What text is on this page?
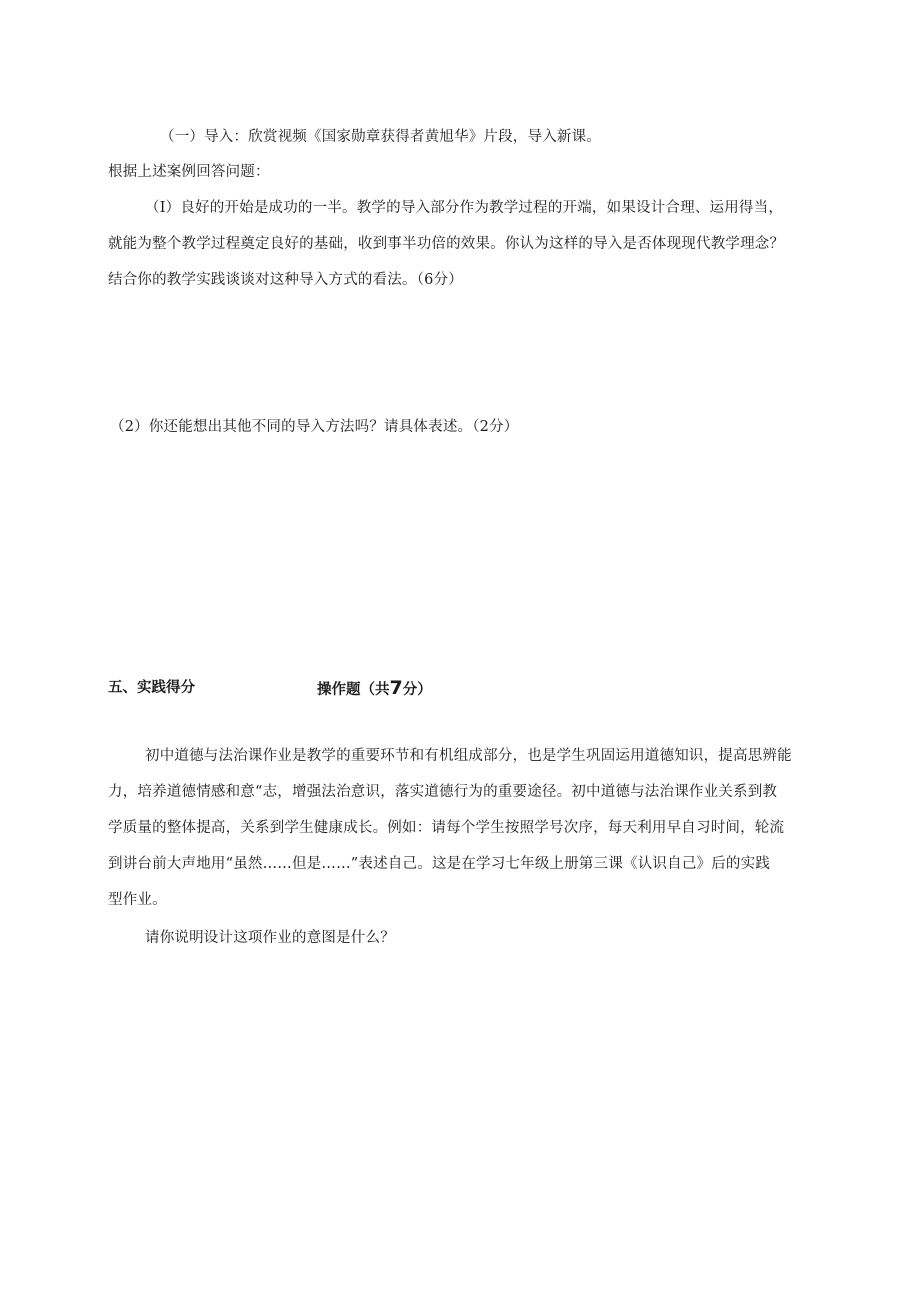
（一）导入：欣赏视频《国家勋章获得者黄旭华》片段，导入新课。
根据上述案例回答问题：
（I）良好的开始是成功的一半。教学的导入部分作为教学过程的开端，如果设计合理、运用得当，
就能为整个教学过程奠定良好的基础，收到事半功倍的效果。你认为这样的导入是否体现现代教学理念？
结合你的教学实践谈谈对这种导入方式的看法。（6分）
（2）你还能想出其他不同的导入方法吗？请具体表述。（2分）
五、实践得分	操作题（共7分）
初中道德与法治课作业是教学的重要环节和有机组成部分，也是学生巩固运用道德知识，提高思辨能
力，培养道德情感和意“志，增强法治意识，落实道德行为的重要途径。初中道德与法治课作业关系到教
学质量的整体提高，关系到学生健康成长。例如：请每个学生按照学号次序，每天利用早自习时间，轮流
到讲台前大声地用“虽然……但是……”表述自己。这是在学习七年级上册第三课《认识自己》后的实践
型作业。
请你说明设计这项作业的意图是什么？
